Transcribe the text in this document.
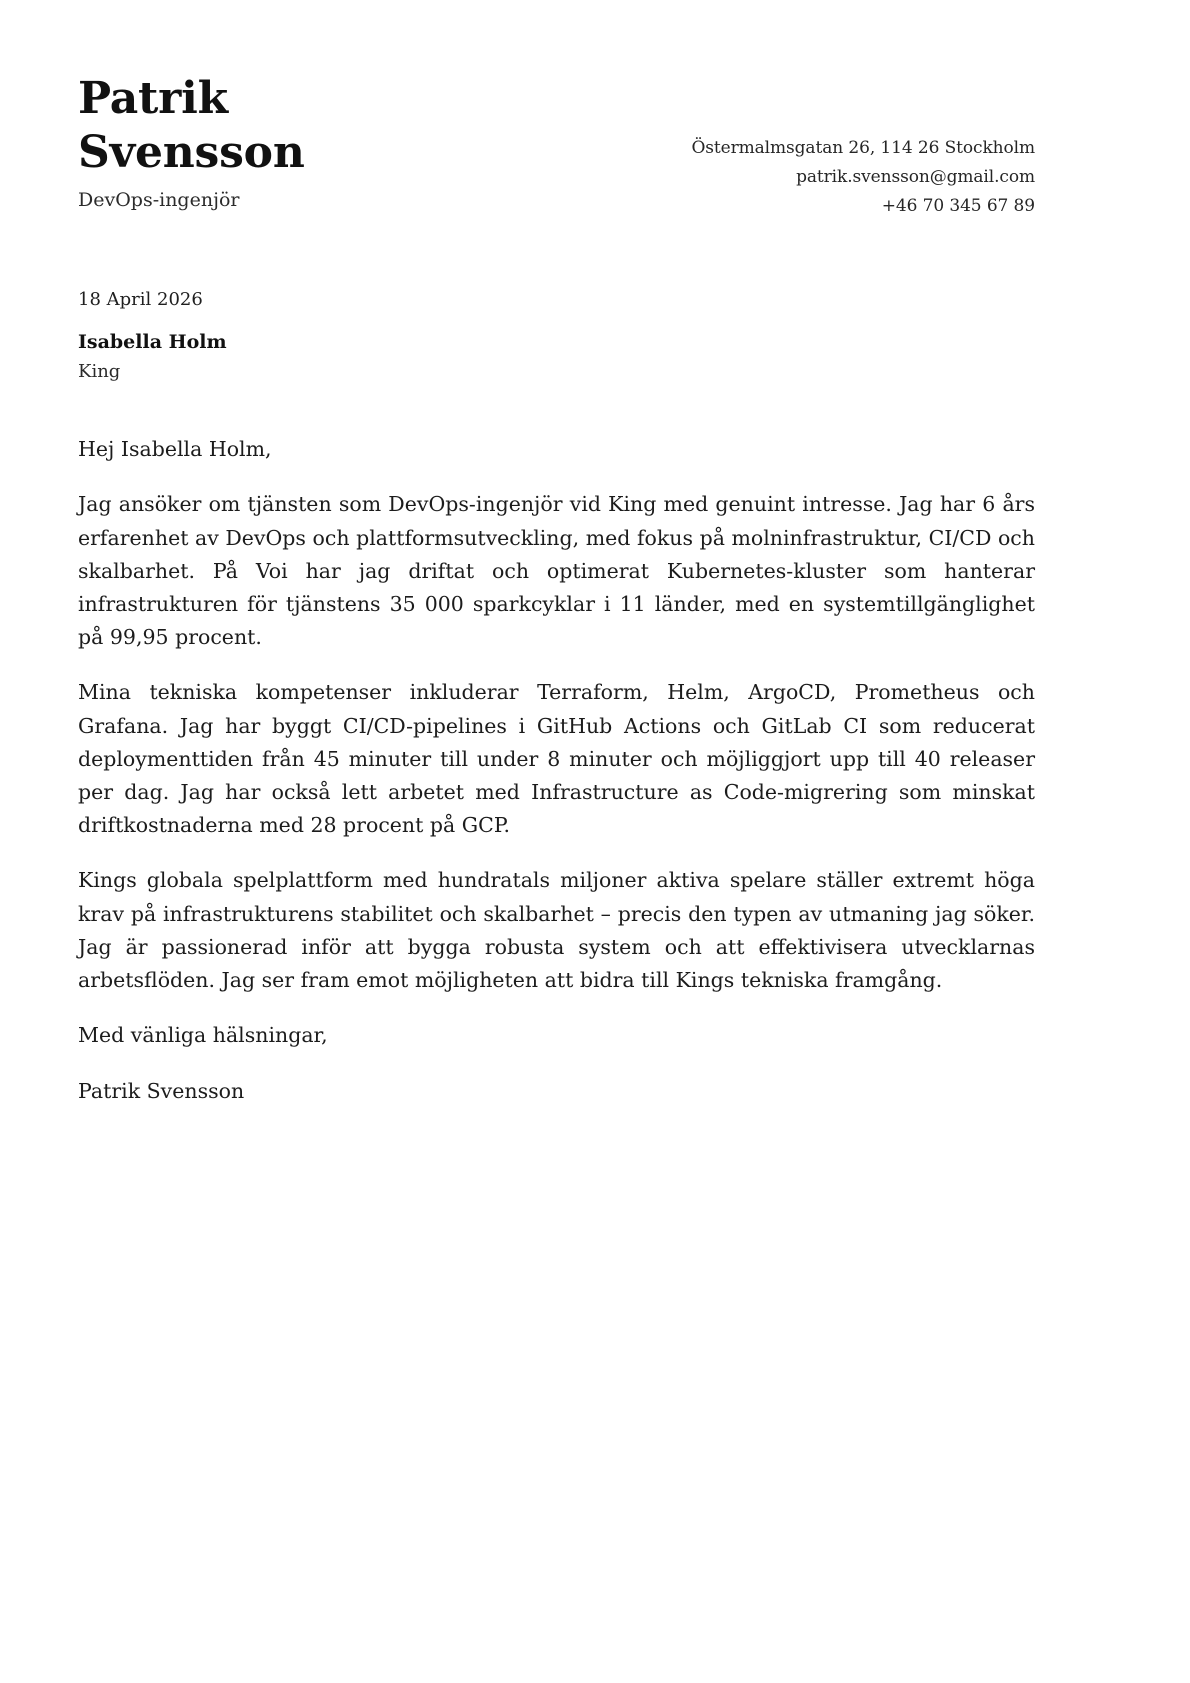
Patrik Svensson
DevOps-ingenjör
Östermalmsgatan 26, 114 26 Stockholm
patrik.svensson@gmail.com
+46 70 345 67 89
18 April 2026
Isabella Holm
King

Hej Isabella Holm,

Jag ansöker om tjänsten som DevOps-ingenjör vid King med genuint intresse. Jag har 6 års erfarenhet av DevOps och plattformsutveckling, med fokus på molninfrastruktur, CI/CD och skalbarhet. På Voi har jag driftat och optimerat Kubernetes-kluster som hanterar infrastrukturen för tjänstens 35 000 sparkcyklar i 11 länder, med en systemtillgänglighet på 99,95 procent.

Mina tekniska kompetenser inkluderar Terraform, Helm, ArgoCD, Prometheus och Grafana. Jag har byggt CI/CD-pipelines i GitHub Actions och GitLab CI som reducerat deploymenttiden från 45 minuter till under 8 minuter och möjliggjort upp till 40 releaser per dag. Jag har också lett arbetet med Infrastructure as Code-migrering som minskat driftkostnaderna med 28 procent på GCP.

Kings globala spelplattform med hundratals miljoner aktiva spelare ställer extremt höga krav på infrastrukturens stabilitet och skalbarhet – precis den typen av utmaning jag söker. Jag är passionerad inför att bygga robusta system och att effektivisera utvecklarnas arbetsflöden. Jag ser fram emot möjligheten att bidra till Kings tekniska framgång.

Med vänliga hälsningar,

Patrik Svensson
